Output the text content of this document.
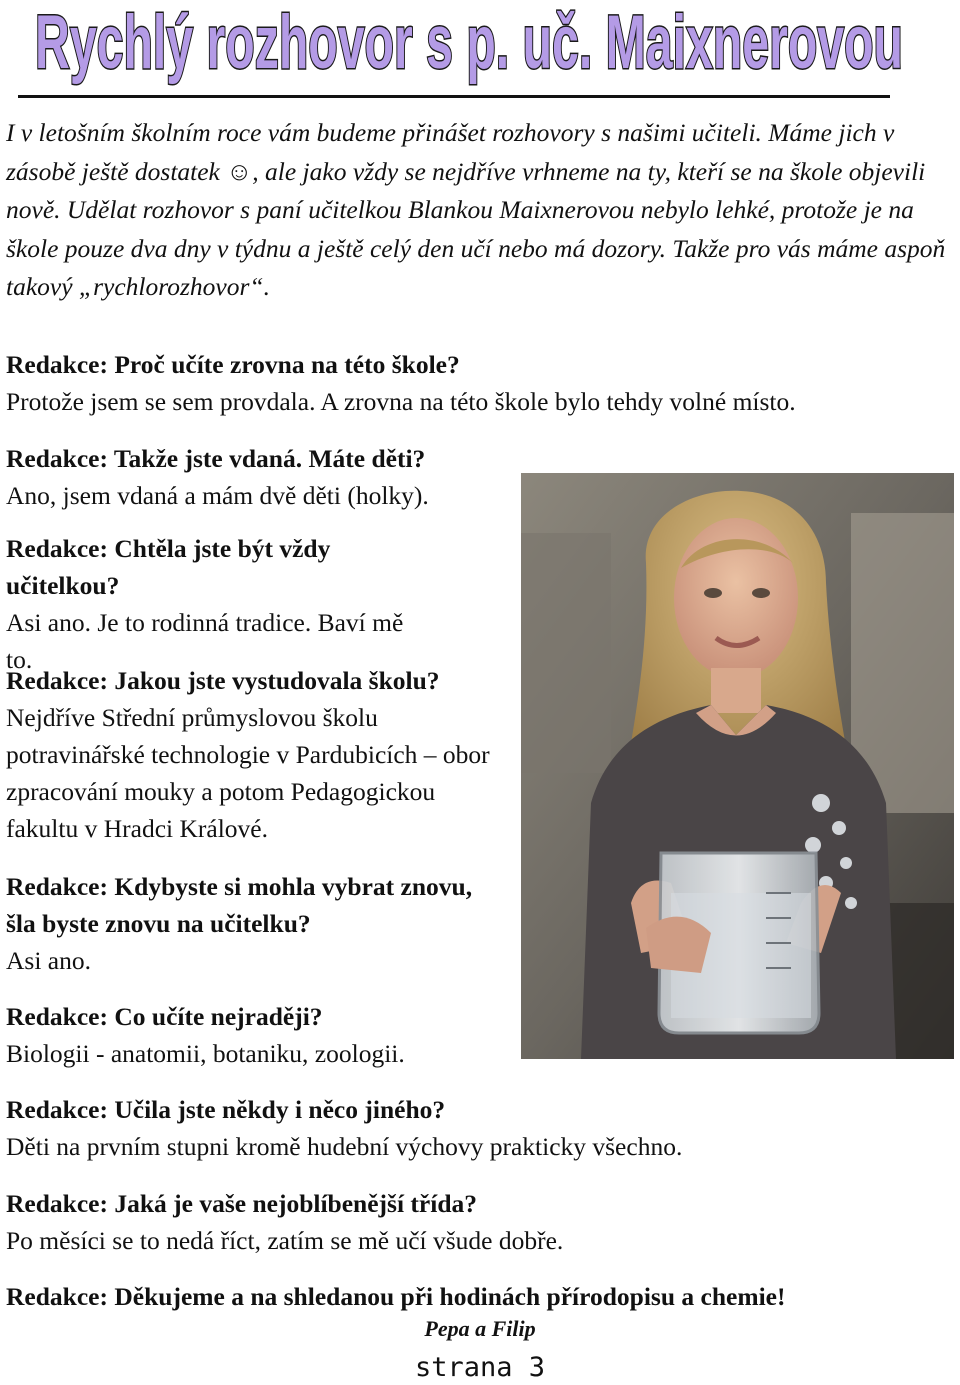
Rychlý rozhovor s p. uč. Maixnerovou

I v letošním školním roce vám budeme přinášet rozhovory s našimi učiteli. Máme jich v zásobě ještě dostatek ☺, ale jako vždy se nejdříve vrhneme na ty, kteří se na škole objevili nově. Udělat rozhovor s paní učitelkou Blankou Maixnerovou nebylo lehké, protože je na škole pouze dva dny v týdnu a ještě celý den učí nebo má dozory. Takže pro vás máme aspoň takový „rychlorozhovor“.

Redakce: Proč učíte zrovna na této škole?
Protože jsem se sem provdala. A zrovna na této škole bylo tehdy volné místo.
Redakce: Takže jste vdaná. Máte děti?
Ano, jsem vdaná a mám dvě děti (holky).
Redakce: Chtěla jste být vždy učitelkou?
Asi ano. Je to rodinná tradice. Baví mě to.
Redakce: Jakou jste vystudovala školu?
Nejdříve Střední průmyslovou školu potravinářské technologie v Pardubicích – obor zpracování mouky a potom Pedagogickou fakultu v Hradci Králové.
Redakce: Kdybyste si mohla vybrat znovu, šla byste znovu na učitelku?
Asi ano.
Redakce: Co učíte nejraději?
Biologii - anatomii, botaniku, zoologii.
Redakce: Učila jste někdy i něco jiného?
Děti na prvním stupni kromě hudební výchovy prakticky všechno.
Redakce: Jaká je vaše nejoblíbenější třída?
Po měsíci se to nedá říct, zatím se mě učí všude dobře.
Redakce: Děkujeme a na shledanou při hodinách přírodopisu a chemie!

Pepa a Filip

strana 3
